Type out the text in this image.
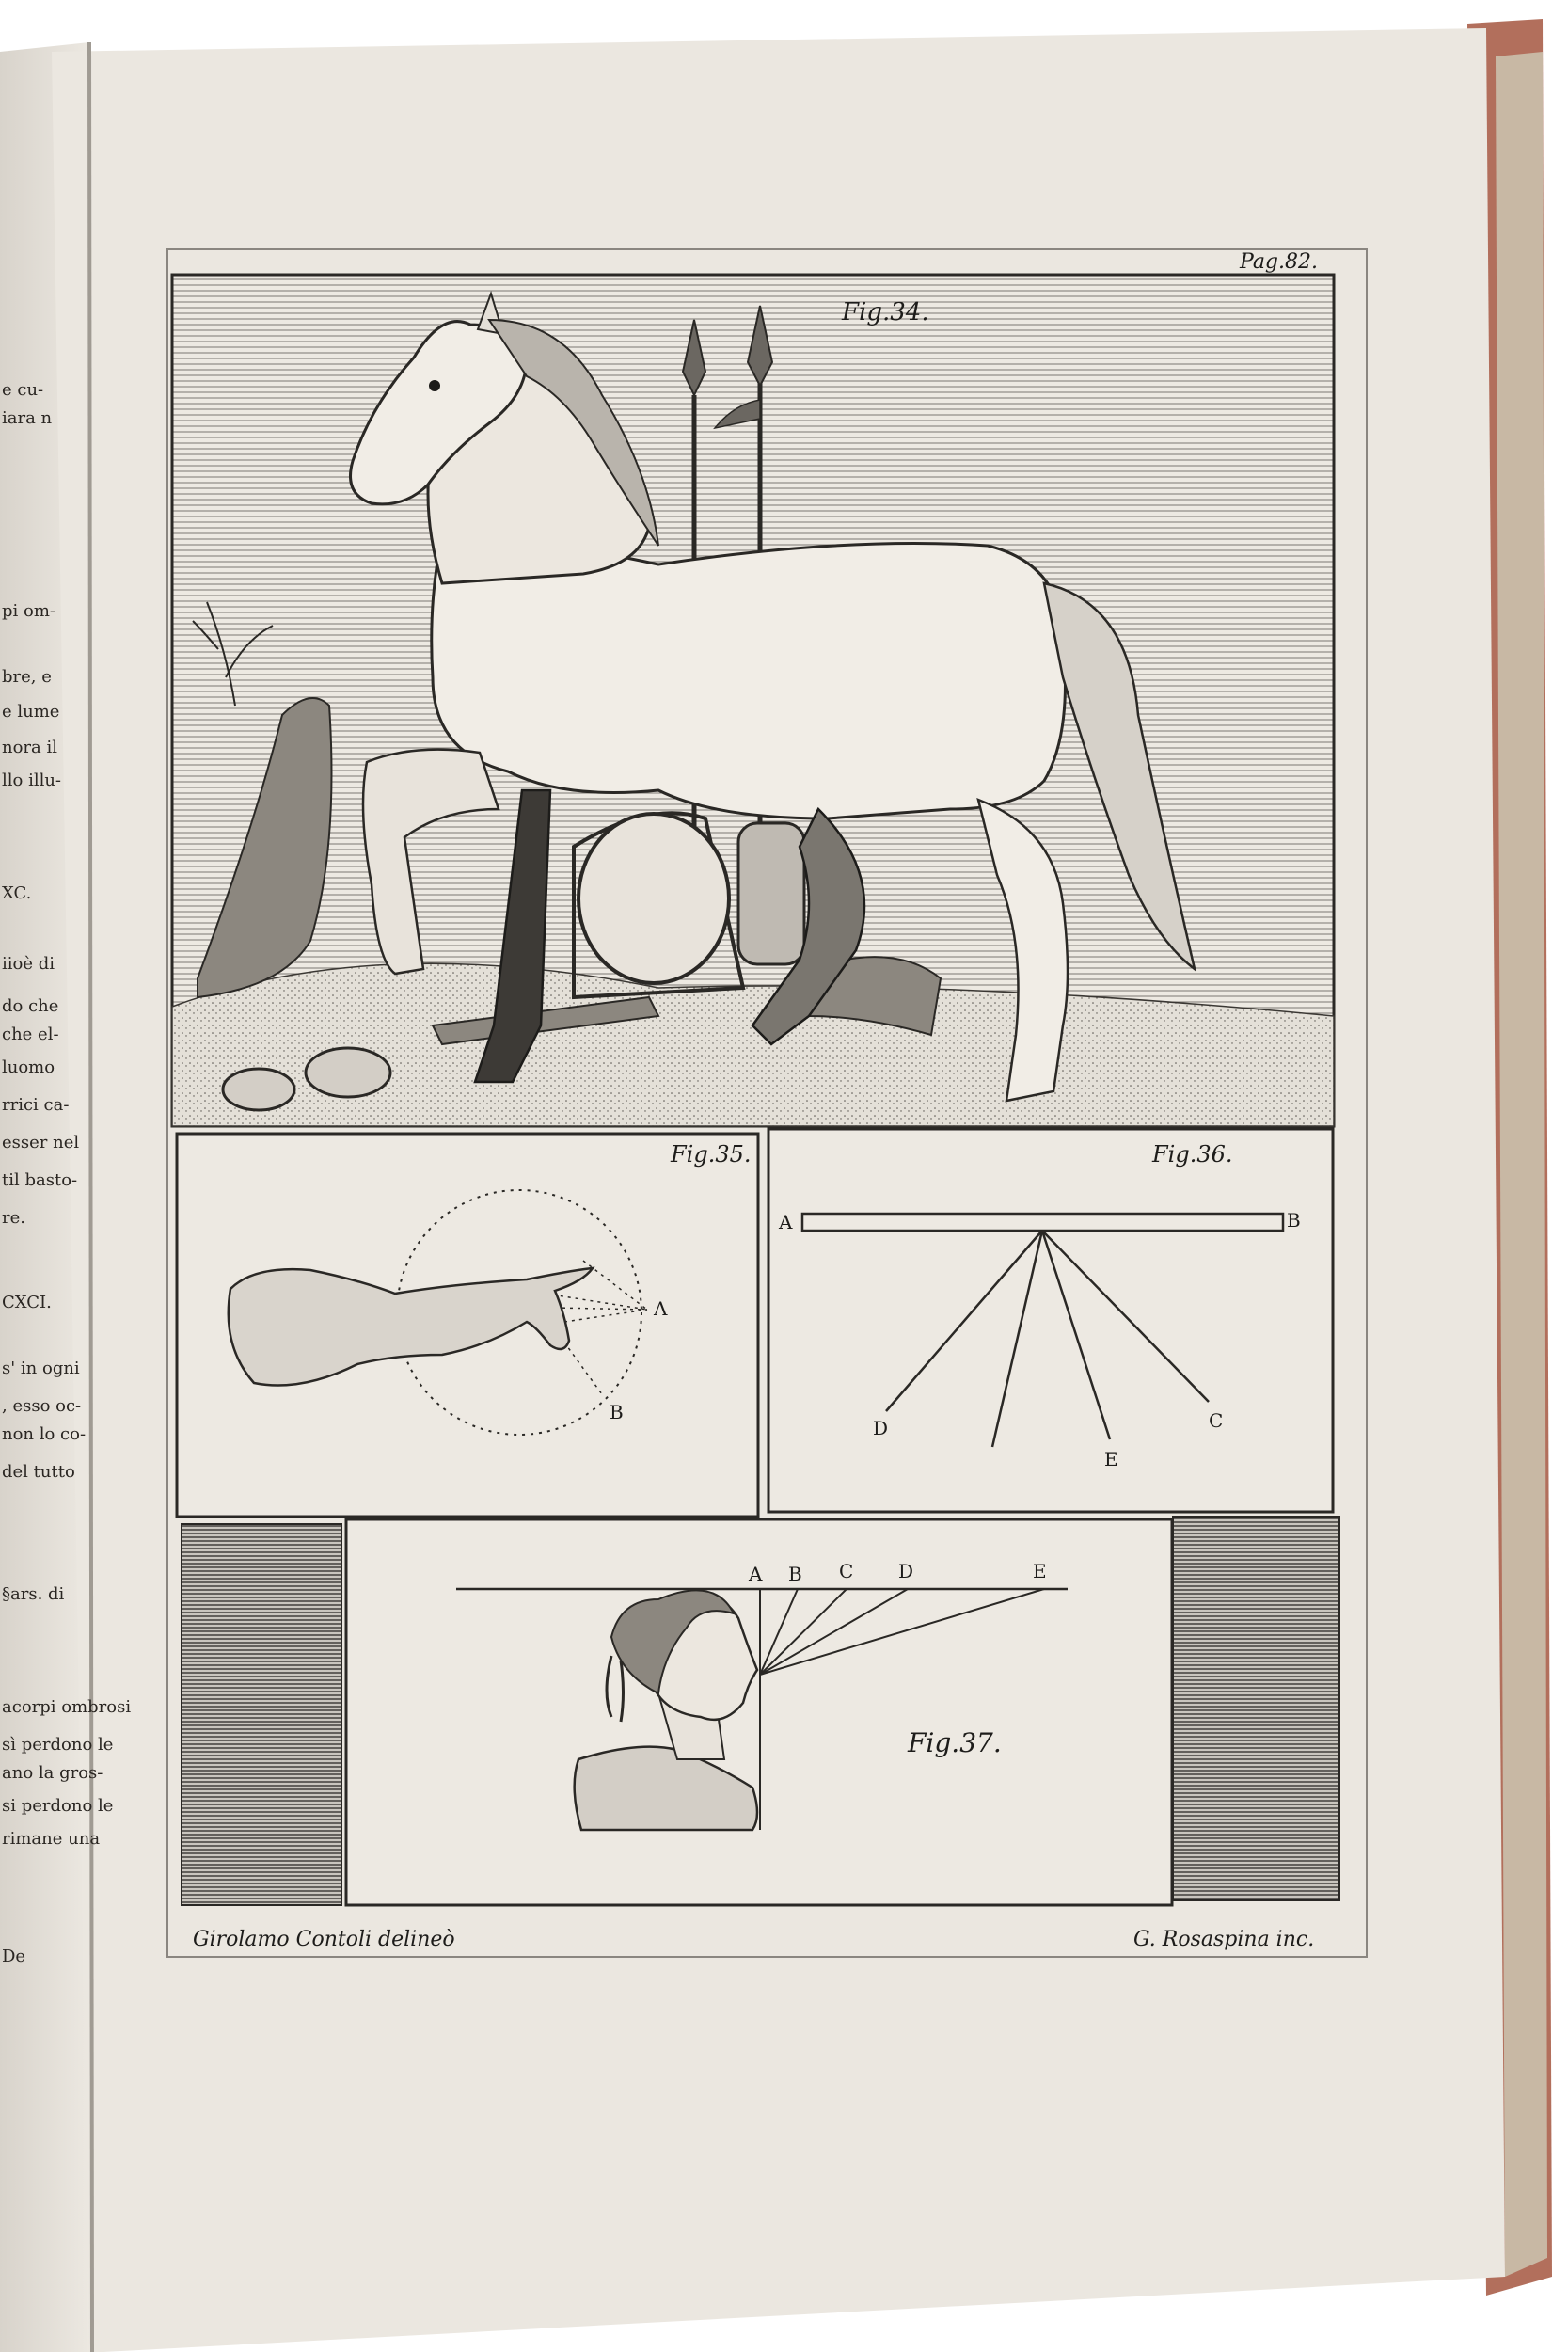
e cu-
iara n
pi om-
bre, e
e lume
nora il
llo illu-
XC.
iioè di
do che
che el-
luomo
rrici ca-
esser nel
til basto-
re.
CXCI.
s' in ogni
, esso oc-
non lo co-
del tutto
§ars. di
acorpi ombrosi
sì perdono le
ano la gros-
si perdono le
rimane una
De
Pag.82.
Fig.34.
A
B
Fig.35.
A	B
D
E
C
Fig.36.
A B C D	E
Fig.37.
Girolamo Contoli delineò	G. Rosaspina inc.
